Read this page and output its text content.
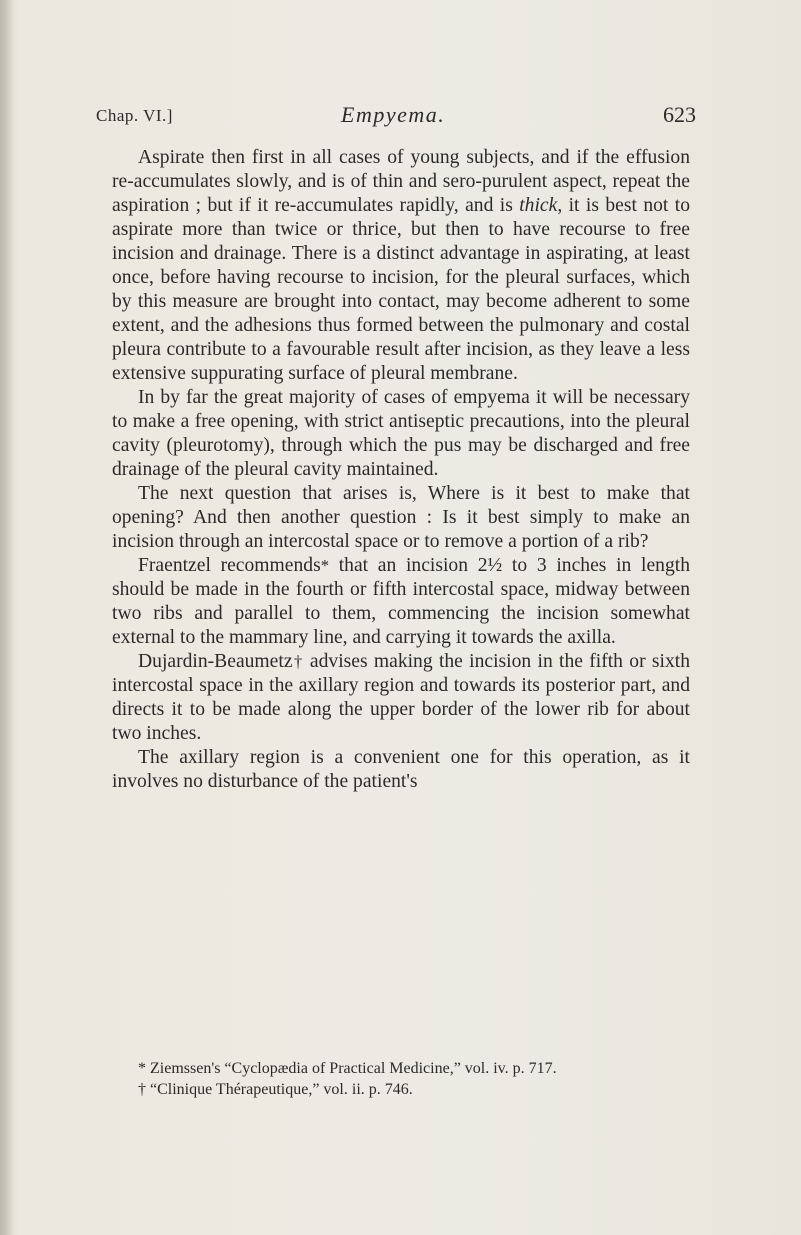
Chap. VI.]	Empyema.	623

Aspirate then first in all cases of young subjects, and if the effusion re-accumulates slowly, and is of thin and sero-purulent aspect, repeat the aspiration ; but if it re-accumulates rapidly, and is thick, it is best not to aspirate more than twice or thrice, but then to have recourse to free incision and drainage. There is a distinct advantage in aspirating, at least once, before having recourse to incision, for the pleural surfaces, which by this measure are brought into contact, may become adherent to some extent, and the adhesions thus formed between the pulmonary and costal pleura contribute to a favourable result after incision, as they leave a less extensive suppurating surface of pleural membrane.

In by far the great majority of cases of empyema it will be necessary to make a free opening, with strict antiseptic precautions, into the pleural cavity (pleurotomy), through which the pus may be discharged and free drainage of the pleural cavity maintained.

The next question that arises is, Where is it best to make that opening? And then another question : Is it best simply to make an incision through an intercostal space or to remove a portion of a rib?

Fraentzel recommends* that an incision 2½ to 3 inches in length should be made in the fourth or fifth intercostal space, midway between two ribs and parallel to them, commencing the incision somewhat external to the mammary line, and carrying it towards the axilla.

Dujardin-Beaumetz† advises making the incision in the fifth or sixth intercostal space in the axillary region and towards its posterior part, and directs it to be made along the upper border of the lower rib for about two inches.

The axillary region is a convenient one for this operation, as it involves no disturbance of the patient's

* Ziemssen's “Cyclopædia of Practical Medicine,” vol. iv. p. 717.

† “Clinique Thérapeutique,” vol. ii. p. 746.
